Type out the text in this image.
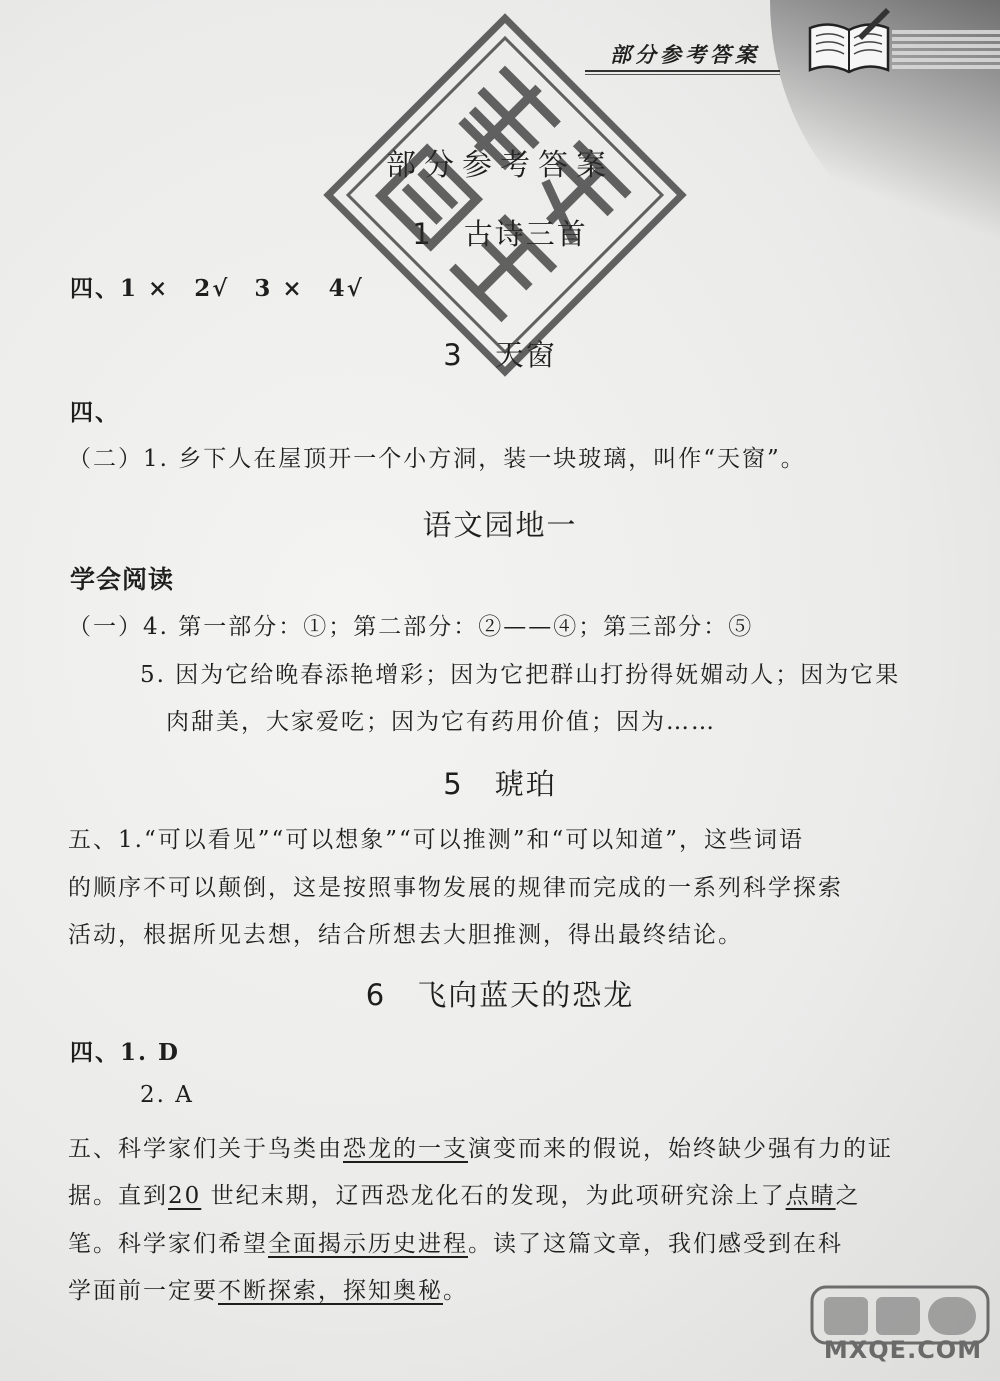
部分参考答案
部分参考答案
1　古诗三首
四、1 ×　2√　3 ×　4√
3　天窗
四、
（二）1. 乡下人在屋顶开一个小方洞，装一块玻璃，叫作“天窗”。
语文园地一
学会阅读
（一）4. 第一部分：①；第二部分：②——④；第三部分：⑤
5. 因为它给晚春添艳增彩；因为它把群山打扮得妩媚动人；因为它果
肉甜美，大家爱吃；因为它有药用价值；因为……
5　琥珀
五、1.“可以看见”“可以想象”“可以推测”和“可以知道”，这些词语
的顺序不可以颠倒，这是按照事物发展的规律而完成的一系列科学探索
活动，根据所见去想，结合所想去大胆推测，得出最终结论。
6　飞向蓝天的恐龙
四、1. D
2. A
五、科学家们关于鸟类由恐龙的一支演变而来的假说，始终缺少强有力的证
据。直到20 世纪末期，辽西恐龙化石的发现，为此项研究涂上了点睛之
笔。科学家们希望全面揭示历史进程。读了这篇文章，我们感受到在科
学面前一定要不断探索，探知奥秘。
MXQE.COM
